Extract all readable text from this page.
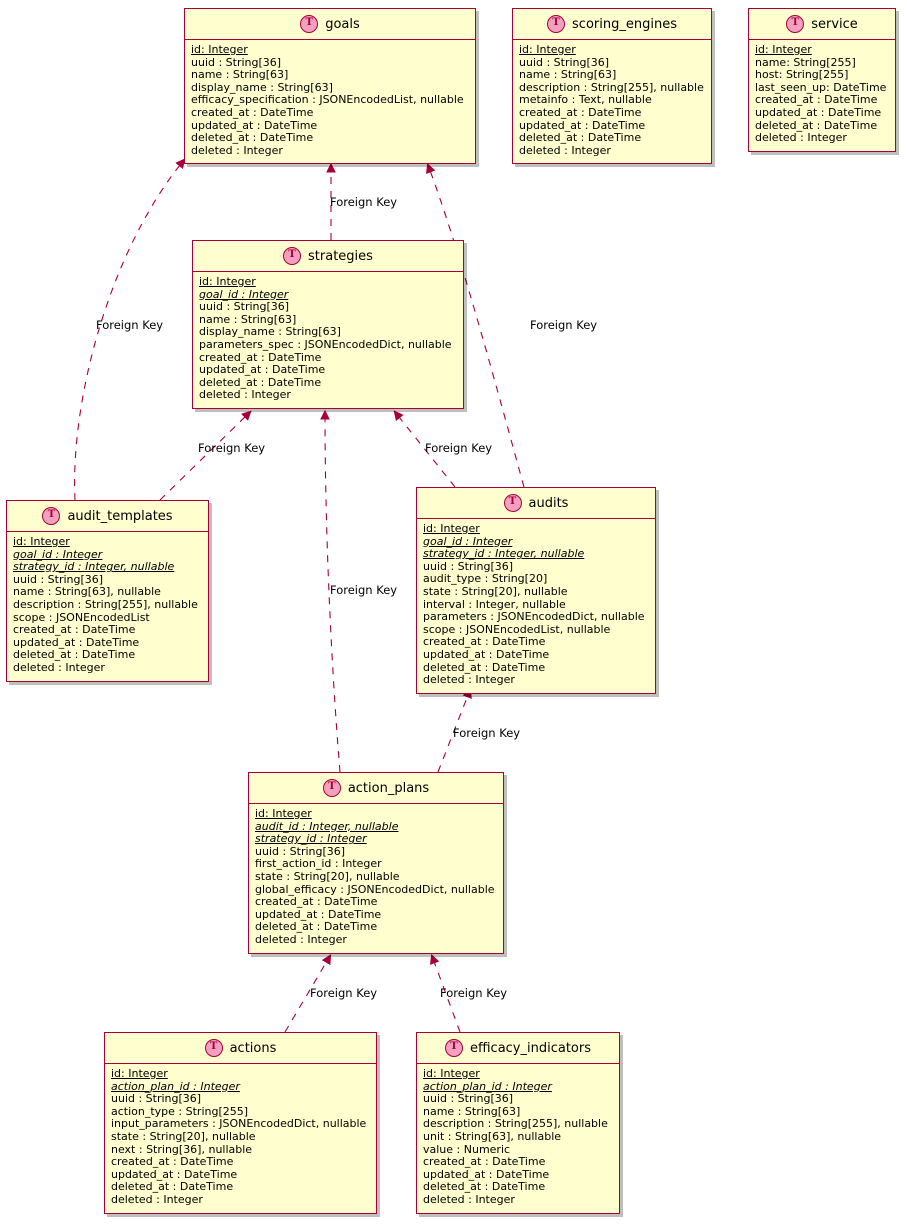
T goals
id: Integer
uuid : String[36]
name : String[63]
display_name : String[63]
efficacy_specification : JSONEncodedList, nullable
created_at : DateTime
updated_at : DateTime
deleted_at : DateTime
deleted : Integer
T scoring_engines
id: Integer
uuid : String[36]
name : String[63]
description : String[255], nullable
metainfo : Text, nullable
created_at : DateTime
updated_at : DateTime
deleted_at : DateTime
deleted : Integer
T service
id: Integer
name: String[255]
host: String[255]
last_seen_up: DateTime
created_at : DateTime
updated_at : DateTime
deleted_at : DateTime
deleted : Integer
T strategies
id: Integer
goal_id : Integer
uuid : String[36]
name : String[63]
display_name : String[63]
parameters_spec : JSONEncodedDict, nullable
created_at : DateTime
updated_at : DateTime
deleted_at : DateTime
deleted : Integer
T audit_templates
id: Integer
goal_id : Integer
strategy_id : Integer, nullable
uuid : String[36]
name : String[63], nullable
description : String[255], nullable
scope : JSONEncodedList
created_at : DateTime
updated_at : DateTime
deleted_at : DateTime
deleted : Integer
T audits
id: Integer
goal_id : Integer
strategy_id : Integer, nullable
uuid : String[36]
audit_type : String[20]
state : String[20], nullable
interval : Integer, nullable
parameters : JSONEncodedDict, nullable
scope : JSONEncodedList, nullable
created_at : DateTime
updated_at : DateTime
deleted_at : DateTime
deleted : Integer
T action_plans
id: Integer
audit_id : Integer, nullable
strategy_id : Integer
uuid : String[36]
first_action_id : Integer
state : String[20], nullable
global_efficacy : JSONEncodedDict, nullable
created_at : DateTime
updated_at : DateTime
deleted_at : DateTime
deleted : Integer
T actions
id: Integer
action_plan_id : Integer
uuid : String[36]
action_type : String[255]
input_parameters : JSONEncodedDict, nullable
state : String[20], nullable
next : String[36], nullable
created_at : DateTime
updated_at : DateTime
deleted_at : DateTime
deleted : Integer
T efficacy_indicators
id: Integer
action_plan_id : Integer
uuid : String[36]
name : String[63]
description : String[255], nullable
unit : String[63], nullable
value : Numeric
created_at : DateTime
updated_at : DateTime
deleted_at : DateTime
deleted : Integer
Foreign Key
Foreign Key
Foreign Key
Foreign Key	Foreign Key
Foreign Key
Foreign Key
Foreign Key	Foreign Key
